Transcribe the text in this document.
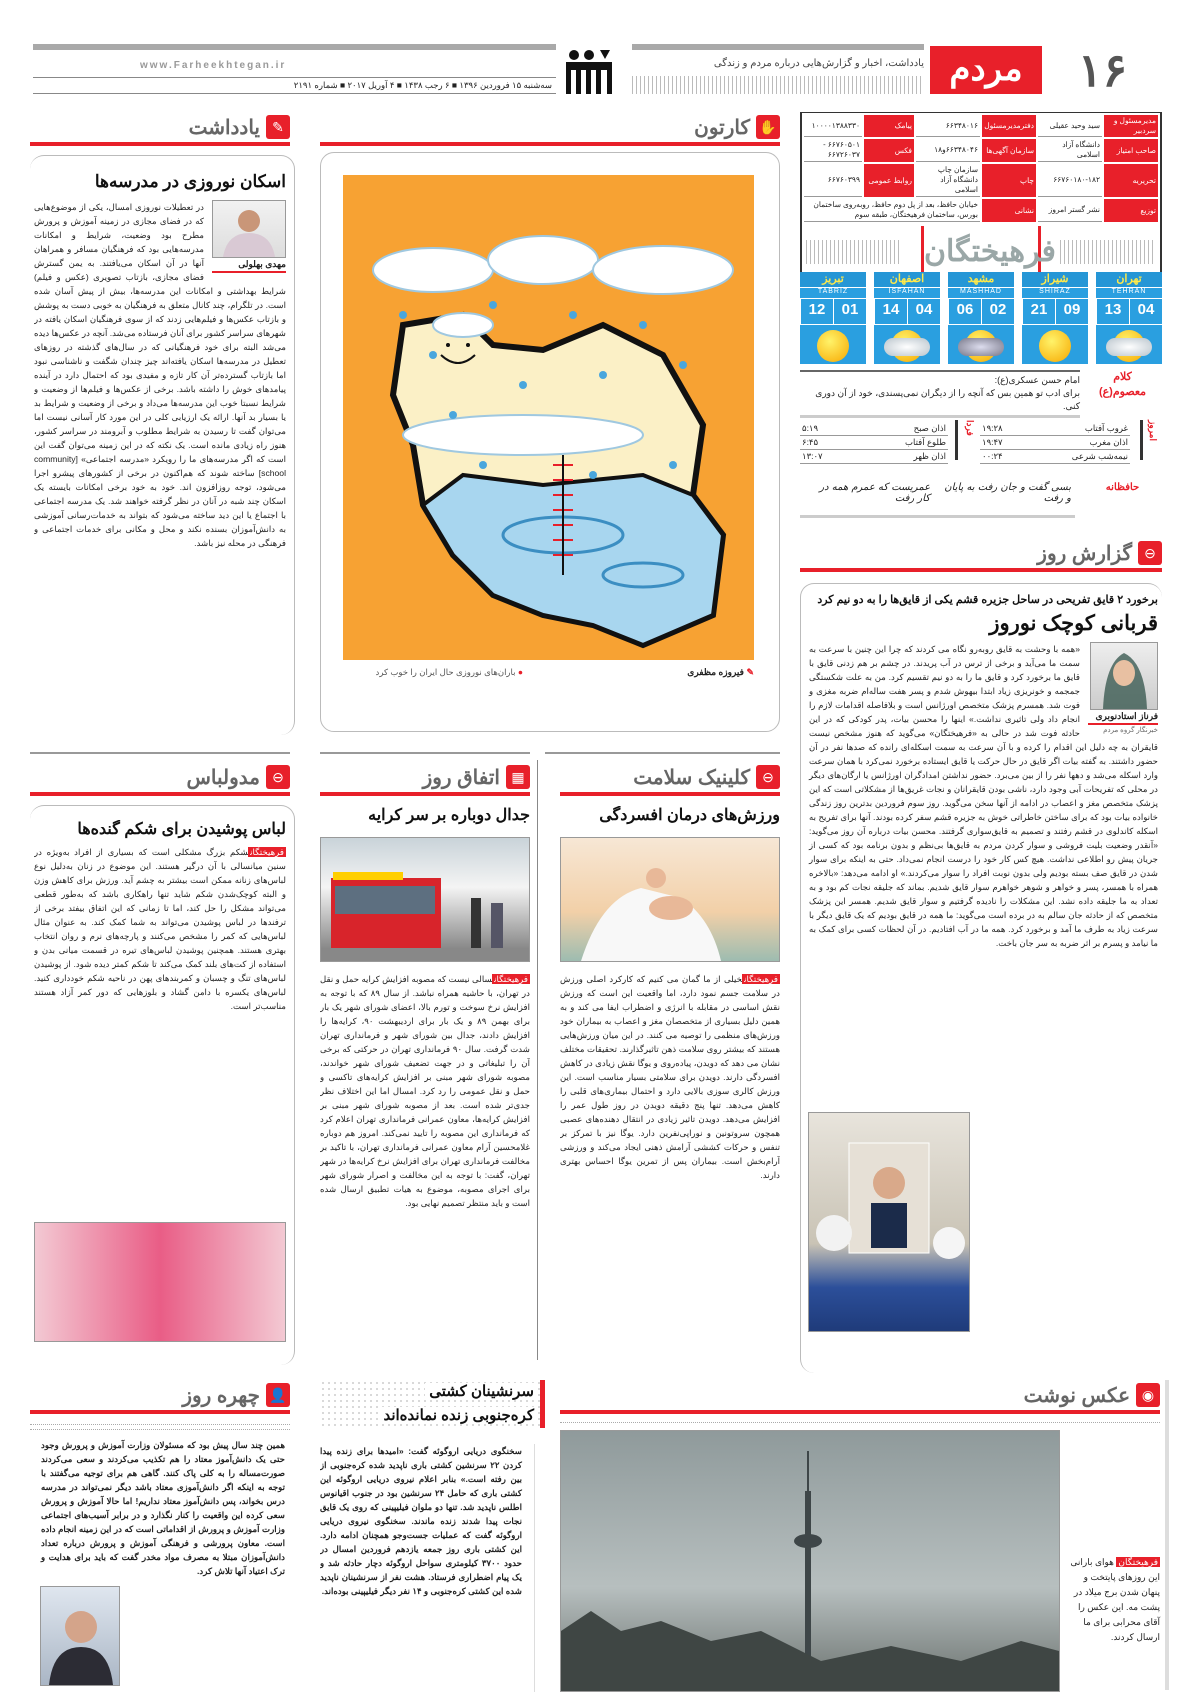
۱۶
مردم
یادداشت، اخبار و گزارش‌هایی درباره مردم و زندگی
www.Farheekhtegan.ir
سه‌شنبه ۱۵ فروردین ۱۳۹۶ ■ ۶ رجب ۱۴۳۸ ■ ۴ آوریل ۲۰۱۷ ■ شماره ۲۱۹۱
مدیرمسئول و سردبیر	سید وحید عقیلی	دفترمدیرمسئول	۶۶۳۴۸۰۱۶	پیامک	۱۰۰۰۰۱۳۸۸۳۳۰
صاحب امتیاز	دانشگاه آزاد اسلامی	سازمان آگهی‌ها	۶۶۳۴۸۰۴۶و۱۸	فکس	۶۶۷۶۰۵۰۱ - ۶۶۷۲۶۰۳۷
تحریریه	۶۶۷۶۰۱۸۰-۱۸۲	چاپ	سازمان چاپ دانشگاه آزاد اسلامی	روابط عمومی	۶۶۷۶۰۳۹۹
توزیع	نشر گستر امروز	نشانی	خیابان حافظ، بعد از پل دوم حافظ، روبه‌روی ساختمان بورس، ساختمان فرهیختگان، طبقه سوم		
فرهیختگان
تهران
TEHRAN
13	04
شیراز
SHIRAZ
21	09
مشهد
MASHHAD
06	02
اصفهان
ISFAHAN
14	04
تبریز
TABRIZ
12	01
کلام
معصوم(ع)
امام حسن عسکری(ع):
برای ادب تو همین بس که آنچه را از دیگران نمی‌پسندی، خود از آن دوری کنی.
امروز
غروب آفتاب	۱۹:۲۸
اذان مغرب	۱۹:۴۷
نیمه‌شب شرعی	۰۰:۲۴
فردا
اذان صبح	۵:۱۹
طلوع آفتاب	۶:۴۵
اذان ظهر	۱۳:۰۷
حافظانه
بسی گفت و جان رفت به پایان و رفت
عمریست که عمرم همه در کار رفت
⊖
گزارش روز
برخورد ۲ قایق تفریحی در ساحل جزیره قشم یکی از قایق‌ها را به دو نیم کرد
قربانی کوچک نوروز
فرناز استادنوبری
خبرنگار گروه مردم
«همه با وحشت به قایق روبه‌رو نگاه می کردند که چرا این چنین با سرعت به سمت ما می‌آید و برخی از ترس در آب پریدند. در چشم بر هم زدنی قایق با قایق ما برخورد کرد و قایق ما را به دو نیم تقسیم کرد. من به علت شکستگی جمجمه و خونریزی زیاد ابتدا بیهوش شدم و پسر هفت ساله‌ام ضربه مغزی و فوت شد. همسرم پزشک متخصص اورژانس است و بلافاصله اقدامات لازم را انجام داد ولی تاثیری نداشت.» اینها را محسن بیات، پدر کودکی که در این حادثه فوت شد در حالی به «فرهیختگان» می‌گوید که هنوز مشخص نیست قایقران به چه دلیل این اقدام را کرده و با آن سرعت به سمت اسکله‌ای رانده که صدها نفر در آن حضور داشتند. به گفته بیات اگر قایق در حال حرکت یا قایق ایستاده برخورد نمی‌کرد با همان سرعت وارد اسکله می‌شد و دهها نفر را از بین می‌برد. حضور نداشتن امدادگران اورژانس یا ارگان‌های دیگر در محلی که تفریحات آبی وجود دارد، ناشی بودن قایقرانان و نجات غریق‌ها از مشکلاتی است که این پزشک متخصص مغز و اعصاب در ادامه از آنها سخن می‌گوید. روز سوم فروردین بدترین روز زندگی خانواده بیات بود که برای ساختن خاطراتی خوش به جزیره قشم سفر کرده بودند. آنها برای تفریح به اسکله کاندلوی در قشم رفتند و تصمیم به قایق‌سواری گرفتند. محسن بیات درباره آن روز می‌گوید: «آنقدر وضعیت بلیت فروشی و سوار کردن مردم به قایق‌ها بی‌نظم و بدون برنامه بود که کسی از جریان پیش رو اطلاعی نداشت. هیچ کس کار خود را درست انجام نمی‌داد. حتی به اینکه برای سوار شدن در قایق صف بسته بودیم ولی بدون نوبت افراد را سوار می‌کردند.» او ادامه می‌دهد: «بالاخره همراه با همسر، پسر و خواهر و شوهر خواهرم سوار قایق شدیم. بماند که جلیقه نجات کم بود و به تعداد به ما جلیقه داده نشد. این مشکلات را نادیده گرفتیم و سوار قایق شدیم. همسر این پزشک متخصص که از حادثه جان سالم به در برده است می‌گوید: ما همه در قایق بودیم که یک قایق دیگر با سرعت زیاد به طرف ما آمد و برخورد کرد. همه ما در آب افتادیم. در آن لحظات کسی برای کمک به ما نیامد و پسرم بر اثر ضربه به سر جان باخت.
✋
کارتون
✎ فیروزه مظفری
● باران‌های نوروزی حال ایران را خوب کرد
✎
یادداشت
اسکان نوروزی در مدرسه‌ها
مهدی بهلولی
در تعطیلات نوروزی امسال، یکی از موضوع‌هایی که در فضای مجازی در زمینه آموزش و پرورش مطرح بود وضعیت، شرایط و امکانات مدرسه‌هایی بود که فرهنگیان مسافر و همراهان آنها در آن اسکان می‌یافتند. به یمن گسترش فضای مجازی، بازتاب تصویری (عکس و فیلم) شرایط بهداشتی و امکانات این مدرسه‌ها، بیش از پیش آسان شده است. در تلگرام، چند کانال متعلق به فرهنگیان به خوبی دست به پوشش و بازتاب عکس‌ها و فیلم‌هایی زدند که از سوی فرهنگیان اسکان یافته در شهرهای سراسر کشور برای آنان فرستاده می‌شد. آنچه در عکس‌ها دیده می‌شد البته برای خود فرهنگیانی که در سال‌های گذشته در روزهای تعطیل در مدرسه‌ها اسکان یافته‌اند چیز چندان شگفت و ناشناسی نبود اما بازتاب گسترده‌تر آن کار تازه و مفیدی بود که احتمال دارد در آینده پیامدهای خوش را داشته باشد. برخی از عکس‌ها و فیلم‌ها از وضعیت و شرایط نسبتا خوب این مدرسه‌ها می‌داد و برخی از وضعیت و شرایط بد یا بسیار بد آنها. ارائه یک ارزیابی کلی در این مورد کار آسانی نیست اما می‌توان گفت تا رسیدن به شرایط مطلوب و آبرومند در سراسر کشور، هنوز راه زیادی مانده است. یک نکته که در این زمینه می‌توان گفت این است که اگر مدرسه‌های ما را رویکرد «مدرسه اجتماعی» [community school] ساخته شوند که هم‌اکنون در برخی از کشورهای پیشرو اجرا می‌شود، توجه روزافزون اند. خود به خود برخی امکانات بایسته یک اسکان چند شبه در آنان در نظر گرفته خواهند شد. یک مدرسه اجتماعی با اجتماع یا این دید ساخته می‌شود که بتواند به خدمات‌رسانی آموزشی به دانش‌آموزان بسنده نکند و محل و مکانی برای خدمات اجتماعی و فرهنگی در محله نیز باشد.
⊖
مدولباس
لباس پوشیدن برای شکم گنده‌ها
فرهیختگانشکم بزرگ مشکلی است که بسیاری از افراد به‌ویژه در سنین میانسالی با آن درگیر هستند. این موضوع در زنان به‌دلیل نوع لباس‌های زنانه ممکن است بیشتر به چشم آید. ورزش برای کاهش وزن و البته کوچک‌شدن شکم شاید تنها راهکاری باشد که به‌طور قطعی می‌تواند مشکل را حل کند، اما تا زمانی که این اتفاق بیفتد برخی از ترفندها در لباس پوشیدن می‌تواند به شما کمک کند. به عنوان مثال لباس‌هایی که کمر را مشخص می‌کنند و پارچه‌های نرم و روان انتخاب بهتری هستند. همچنین پوشیدن لباس‌های تیره در قسمت میانی بدن و استفاده از کت‌های بلند کمک می‌کند تا شکم کمتر دیده شود. از پوشیدن لباس‌های تنگ و چسبان و کمربندهای پهن در ناحیه شکم خودداری کنید. لباس‌های یکسره با دامن گشاد و بلوزهایی که دور کمر آزاد هستند مناسب‌تر است.
▦
اتفاق روز
جدال دوباره بر سر کرایه
فرهیختگانسالی نیست که مصوبه افزایش کرایه حمل و نقل در تهران، با حاشیه همراه نباشد. از سال ۸۹ که با توجه به افزایش نرخ سوخت و تورم بالا، اعضای شورای شهر یک بار برای بهمن ۸۹ و یک بار برای اردیبهشت ۹۰، کرایه‌ها را افزایش دادند، جدال بین شورای شهر و فرمانداری تهران شدت گرفت. سال ۹۰ فرمانداری تهران در حرکتی که برخی آن را تبلیغاتی و در جهت تضعیف شورای شهر خواندند، مصوبه شورای شهر مبنی بر افزایش کرایه‌های تاکسی و حمل و نقل عمومی را رد کرد. امسال اما این اختلاف نظر جدی‌تر شده است. بعد از مصوبه شورای شهر مبنی بر افزایش کرایه‌ها، معاون عمرانی فرمانداری تهران اعلام کرد که فرمانداری این مصوبه را تایید نمی‌کند. امروز هم دوباره غلامحسین آرام معاون عمرانی فرمانداری تهران، با تاکید بر مخالفت فرمانداری تهران برای افزایش نرخ کرایه‌ها در شهر تهران، گفت: با توجه به این مخالفت و اصرار شورای شهر برای اجرای مصوبه، موضوع به هیات تطبیق ارسال شده است و باید منتظر تصمیم نهایی بود.
⊖
کلینیک سلامت
ورزش‌های درمان افسردگی
فرهیختگانخیلی از ما گمان می کنیم که کارکرد اصلی ورزش در سلامت جسم نمود دارد، اما واقعیت این است که ورزش نقش اساسی در مقابله با انرژی و اضطراب ایفا می کند و به همین دلیل بسیاری از متخصصان مغز و اعصاب به بیماران خود ورزش‌های منظمی را توصیه می کنند. در این میان ورزش‌هایی هستند که بیشتر روی سلامت ذهن تاثیرگذارند. تحقیقات مختلف نشان می دهد که دویدن، پیاده‌روی و یوگا نقش زیادی در کاهش افسردگی دارند. دویدن برای سلامتی بسیار مناسب است. این ورزش کالری سوزی بالایی دارد و احتمال بیماری‌های قلبی را کاهش می‌دهد. تنها پنج دقیقه دویدن در روز طول عمر را افزایش می‌دهد. دویدن تاثیر زیادی در انتقال دهنده‌های عصبی همچون سروتونین و نوراپی‌نفرین دارد. یوگا نیز با تمرکز بر تنفس و حرکات کششی آرامش ذهنی ایجاد می‌کند و ورزشی آرام‌بخش است. بیماران پس از تمرین یوگا احساس بهتری دارند.
👤
چهره روز
همین چند سال پیش بود که مسئولان وزارت آموزش و پرورش وجود حتی یک دانش‌آموز معتاد را هم تکذیب می‌کردند و سعی می‌کردند صورت‌مساله را به کلی پاک کنند. گاهی هم برای توجیه می‌گفتند با توجه به اینکه اگر دانش‌آموزی معتاد باشد دیگر نمی‌تواند در مدرسه درس بخواند، پس دانش‌آموز معتاد نداریم! اما حالا آموزش و پرورش سعی کرده این واقعیت را کنار نگذارد و در برابر آسیب‌های اجتماعی وزارت آموزش و پرورش از اقداماتی است که در این زمینه انجام داده است. معاون پرورشی و فرهنگی آموزش و پرورش درباره تعداد دانش‌آموزان مبتلا به مصرف مواد مخدر گفت که باید برای هدایت و ترک اعتیاد آنها تلاش کرد.
سرنشینان کشتی
کره‌جنوبی زنده نمانده‌اند
سخنگوی دریایی اروگوئه گفت: «امیدها برای زنده پیدا کردن ۲۲ سرنشین کشتی باری ناپدید شده کره‌جنوبی از بین رفته است.» بنابر اعلام نیروی دریایی اروگوئه این کشتی باری که حامل ۲۴ سرنشین بود در جنوب اقیانوس اطلس ناپدید شد. تنها دو ملوان فیلیپینی که روی یک قایق نجات پیدا شدند زنده ماندند. سخنگوی نیروی دریایی اروگوئه گفت که عملیات جست‌وجو همچنان ادامه دارد. این کشتی باری روز جمعه یازدهم فروردین امسال در حدود ۳۷۰۰ کیلومتری سواحل اروگوئه دچار حادثه شد و یک پیام اضطراری فرستاد. هشت نفر از سرنشینان ناپدید شده این کشتی کره‌جنوبی و ۱۴ نفر دیگر فیلیپینی بوده‌اند.
◉
عکس نوشت
فرهیختگان هوای بارانی این روزهای پایتخت و پنهان شدن برج میلاد در پشت مه. این عکس را آقای محرابی برای ما ارسال کردند.
